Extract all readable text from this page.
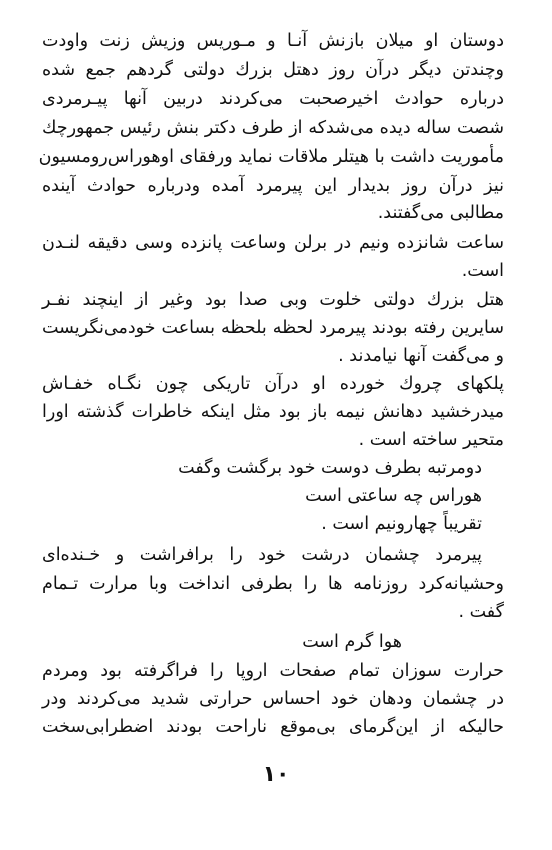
دوستان او میلان بازنش آنـا و مـوریس وزیش زنت واودت
وچندتن دیگر درآن روز دهتل بزرك دولتی گردهم جمع شده
درباره حوادث اخیرصحبت می‌کردند دربین آنها پیـرمردی
شصت ساله دیده می‌شدکه از طرف دکتر بنش رئیس جمهورچك
مأموریت داشت با هیتلر ملاقات نماید ورفقای اوهوراس‌رومسیون
نیز درآن روز بدیدار این پیرمرد آمده ودرباره حوادث آینده
مطالبی می‌گفتند.
ساعت شانزده ونیم در برلن وساعت پانزده وسی دقیقه لنـدن
است.
هتل بزرك دولتی خلوت وبی صدا بود وغیر از اینچند نفـر
سایرین رفته بودند پیرمرد لحظه بلحظه بساعت خودمی‌نگریست
و می‌گفت آنها نیامدند .
پلکهای چروك خورده او درآن تاریکی چون نگـاه خفـاش
میدرخشید دهانش نیمه باز بود مثل اینکه خاطرات گذشته اورا
متحیر ساخته است .
دومرتبه بطرف دوست خود برگشت وگفت
هوراس چه ساعتی است
تقریباً چهارونیم است .
پیرمرد چشمان درشت خود را برافراشت و خـنده‌ای
وحشیانه‌کرد روزنامه ها را بطرفی انداخت وبا مرارت تـمام
گفت .
هوا گرم است
حرارت سوزان تمام صفحات اروپا را فراگرفته بود ومردم
در چشمان ودهان خود احساس حرارتی شدید می‌کردند ودر
حالیکه از این‌گرمای بی‌موقع ناراحت بودند اضطرابی‌سخت
۱۰
